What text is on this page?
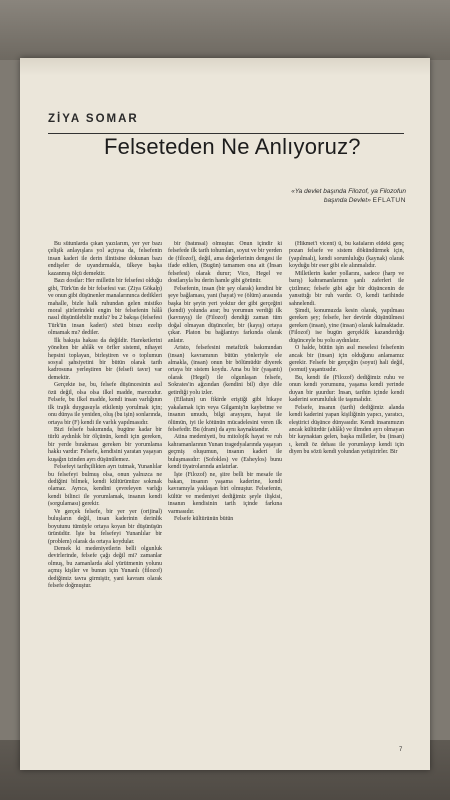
ZİYA SOMAR
Felseteden Ne Anlıyoruz?
«Ya devlet başında Filozof, ya Filozofun
başında Devlet» EFLATUN

Bu sütunlarda çıkan yazılarım, yer yer bazı çelişik anlayışlara yol açtıysa da, felsefenin insan kaderi ile derin ilintisine dokunan bazı endişeler de uyandırmakla, ülkeye başka kazanmış ölçü demektir.

Bazı dostlar: Her milletin bir felsefesi olduğu gibi, Türk'ün de bir felsefesi var. (Ziya Gökalp) ve onun gibi düşünenler manalarınınca dedikleri mahalle, bizle halk ruhundan gelen mistiko moral şiirlerindeki engin bir felsefenin hâlâ nasıl düşünülebilir mutlu? bu 2 bakışa (felsefesi Türk'ün insan kaderi) sözü birazı ezelip olmamak mı? dediler.

İlk bakışta hakası da değildir. Hareketlerini yönelten bir ahlâk ve örfler sistemi, nihayet hepsini toplayan, birleştiren ve o toplumun sosyal şahsiyetini bir bütün olarak tarih kadrosuna yerleştiren bir (felsefi tavır) var demektir.

Gerçekte ise, bu, felsefe düşüncesinin asıl özü değil, olsa olsa ilkel madde, mavzudur. Felsefe, bu ilkel madde, kendi insan varlığının ilk trajik duygusuyla etkilenip yorulmak için; onu dünya ile yeniden, oluş (bu işin) sonlarında, ortaya bir (F) kendi ile varlık yapılmasıdır.

Bizi felsefe bakımında, bugüne kadar bir türlü aydınlık bir ölçünün, kendi için gereken, bir yerde bırakması gereken bir yorumlama hakkı vardır: Felsefe, kendisini yaratan yaşayan kuşağın izinden ayrı düşünülemez.

Felsefeyi tarihçilikten ayrı tutmak, Yunanlılar bu felsefeyi bulmuş olsa, onun yalnızca ne dediğini bilmek, kendi kültürümüze sokmak olamaz. Ayrıca, kendini çevreleyen varlığı kendi bilinci ile yorumlamak, insanın kendi (sorgulaması) gerekir.

Ve gerçek felsefe, bir yer yer (orijinal) buluşların değil, insan kaderinin derinlik boyutunu tümüyle ortaya koyan bir düşünüşün ürünüdür. İşte bu felsefeyi Yunanlılar bir (problem) olarak da ortaya koydular.

Demek ki medeniyetlerin belli olgunluk devirlerinde, felsefe çağı değil mi? zamanlar olmuş, bu zamanlarda akıl yürütmenin yolunu açmış kişiler ve bunun için Yunanlı (filozof) dediğimiz tavra girmiştir, yani kavram olarak felsefe doğmuştur.

bir (batınsal) olmuştur. Onun içindir ki felsefede ilk tarih tohumları, soyut ve bir yerden de (filozof), değil, ama değerlerinin dengesi ile ifade edilen, (Bugün) tamamen ona ait (İnsan felsefesi) olarak durur; Vico, Hegel ve dostlarıyla bu derin hamle gibi görünür.

Felsefenin, insan (bir şey olarak) kendini bir şeye bağlaması, yani (hayat) ve (ölüm) arasında başka bir şeyin yeri yoktur der gibi gerçeğini (kendi) yolunda arar; bu yorumun verdiği ilk (kavrayış) ile (Filozof) dendiği zaman tüm doğal olmayan düşünceler, bir (kayış) ortaya çıkar. Platon bu bağlantıyı farkında olarak anlatır.

Aristo, felsefesini metafizik bakımından (insan) kavramının bütün yönleriyle ele almakla, (insan) onun bir bölümüdür diyerek ortaya bir sistem koydu. Ama bu bir (yaşantı) olarak (Hegel) ile olgunlaşan felsefe, Sokrates'in ağzından (kendini bil) diye dile getirdiği yolu izler.

(Eflatun) un fikirde eriştiği gibi hikaye yakalamak için veya Gilgamiş'in kaybetme ve insanın umudu, bilgi arayışını, hayat ile ölümün, iyi ile kötünün mücadelesini veren ilk felsefedir. Bu (dram) da aynı kaynaktandır.

Atina medeniyeti, bu mitolojik hayat ve ruh kahramanlarının Yunan tragedyalarında yaşayan geçmiş oluşumun, insanın kaderi ile buluşmasıdır: (Sofokles) ve (Esheylos) bunu kendi tiyatrolarında anlatırlar.

İşte (Filozof) ne, şiire belli bir mesafe ile bakan, insanın yaşama kaderine, kendi kavramıyla yaklaşan biri olmuştur. Felsefenin, kültür ve medeniyet dediğimiz şeyle ilişkisi, insanın kendisinin tarih içinde farkına varmasıdır.

Felsefe kültürünün bütün

(Hikmet'i vicent) ü, bu kafaların eldeki genç pozan felsefe ve sistem dökündürmek için, (yapılmalı), kendi sorumluluğu (kaynak) olarak koyduğu bir eser gibi ele alınmalıdır.

Milletlerin kader yollarını, sadece (harp ve barış) kahramanlarının şanlı zaferleri ile çizilmez; felsefe gibi ağır bir düşüncenin de yansıttığı bir ruh vardır. O, kendi tarihinde sahnelendi.

Şimdi, konumuzda kesin olarak, yapılması gereken şey; felsefe, her devirde düşünülmesi gereken (insan), yine (insan) olarak kalmaktadır. (Filozof) ise bugün gerçeklik kazandırdığı düşünceyle bu yolu aydınlatır.

O halde, bütün işin asıl meselesi felsefenin ancak bir (insan) için olduğunu anlamamız gerekir. Felsefe bir gerçeğin (soyut) hali değil, (somut) yaşantısıdır.

Bu, kendi ile (Filozof) dediğimiz ruhu ve onun kendi yorumunu, yaşama kendi yerinde duyan bir şuurdur: İnsan, tarihin içinde kendi kaderini sorumluluk ile taşımalıdır.

Felsefe, insanın (tarih) dediğimiz alanda kendi kaderini yapan kişiliğinin yapıcı, yaratıcı, eleştirici düşünce dünyasıdır. Kendi insanımızın ancak kültürdür (ahlâk) ve ilimden ayrı olmayan bir kaynaktan gelen, başka milletler, bu (insan) ı, kendi öz dehası ile yorumlayıp kendi için diyen bu sözü kendi yolundan yetiştirirler. Bir

7
